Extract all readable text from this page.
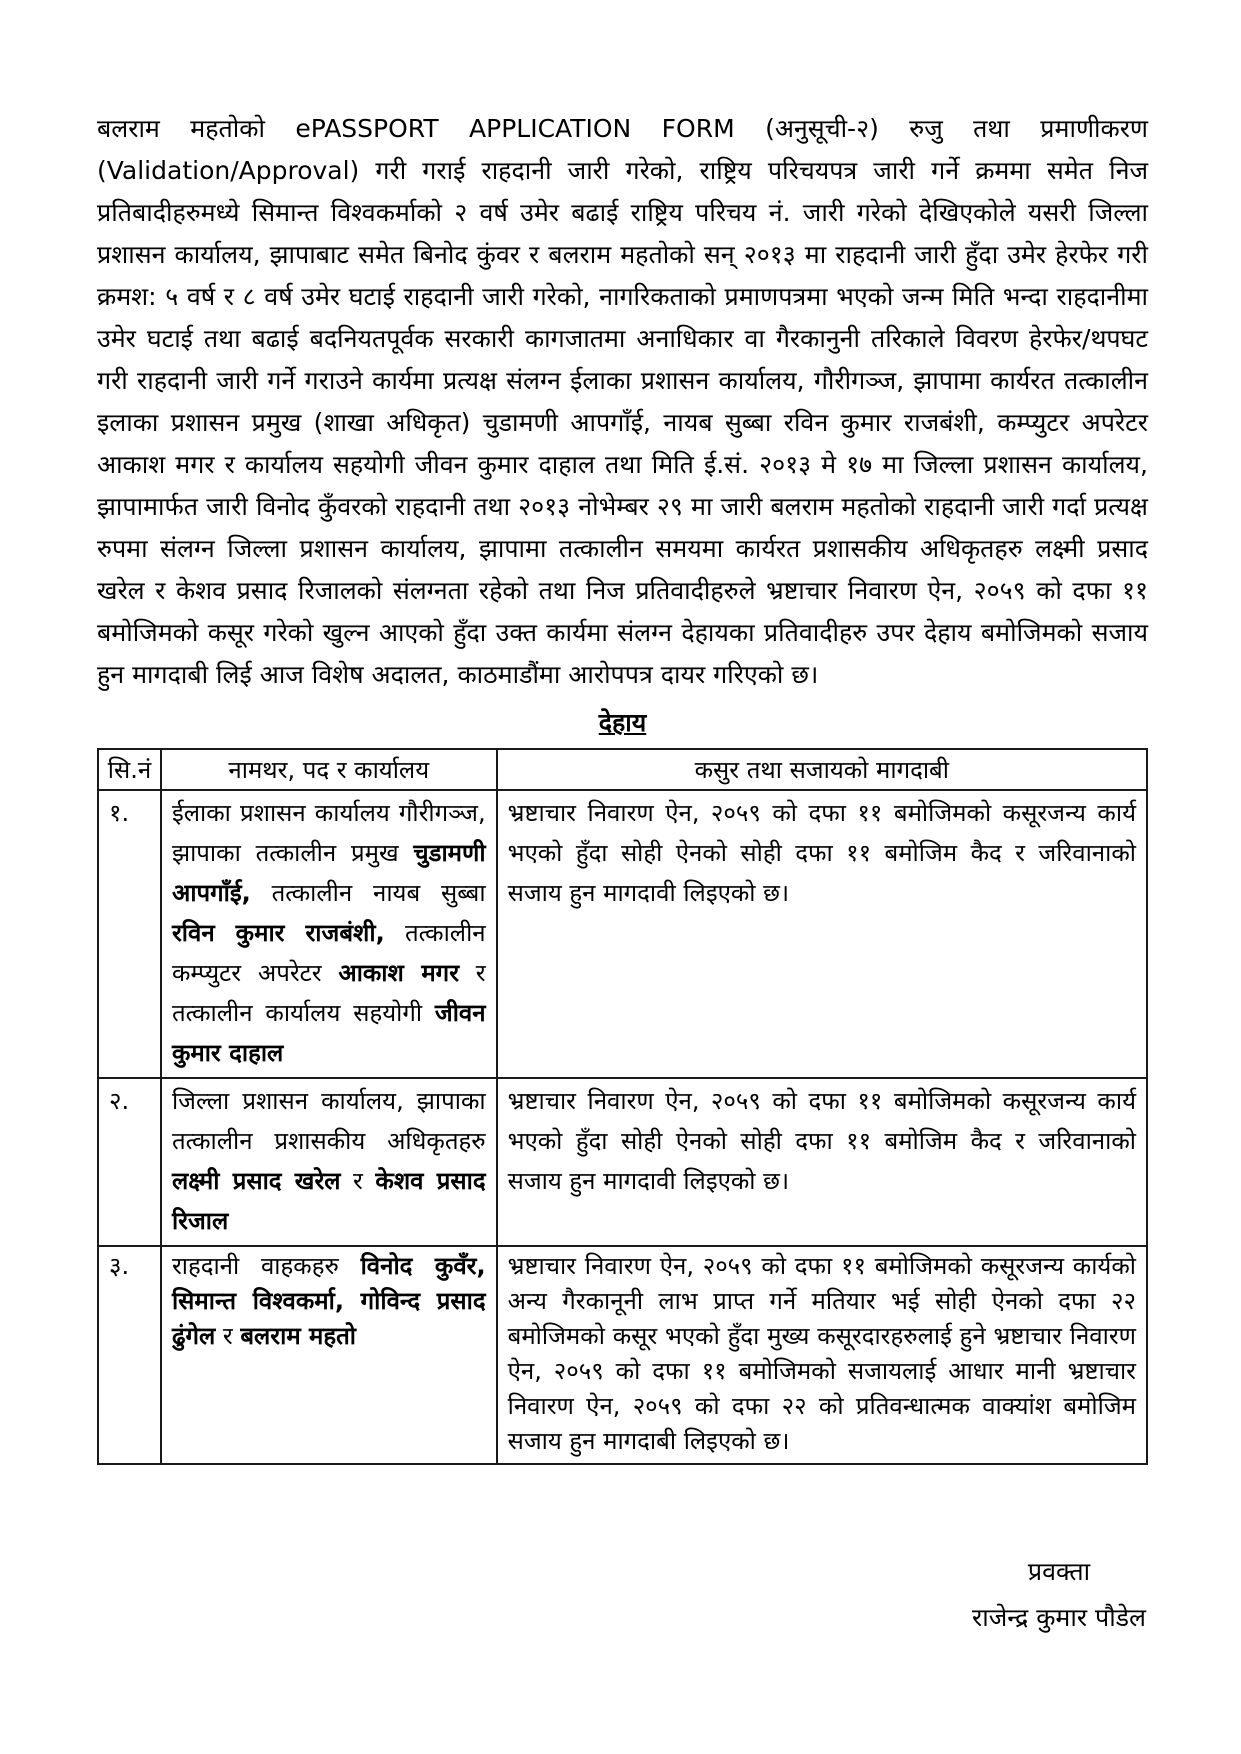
बलराम महतोको ePASSPORT APPLICATION FORM (अनुसूची-२) रुजु तथा प्रमाणीकरण (Validation/Approval) गरी गराई राहदानी जारी गरेको, राष्ट्रिय परिचयपत्र जारी गर्ने क्रममा समेत निज प्रतिबादीहरुमध्ये सिमान्त विश्वकर्माको २ वर्ष उमेर बढाई राष्ट्रिय परिचय नं. जारी गरेको देखिएकोले यसरी जिल्ला प्रशासन कार्यालय, झापाबाट समेत बिनोद कुंवर र बलराम महतोको सन् २०१३ मा राहदानी जारी हुँदा उमेर हेरफेर गरी क्रमश: ५ वर्ष र ८ वर्ष उमेर घटाई राहदानी जारी गरेको, नागरिकताको प्रमाणपत्रमा भएको जन्म मिति भन्दा राहदानीमा उमेर घटाई तथा बढाई बदनियतपूर्वक सरकारी कागजातमा अनाधिकार वा गैरकानुनी तरिकाले विवरण हेरफेर/थपघट गरी राहदानी जारी गर्ने गराउने कार्यमा प्रत्यक्ष संलग्न ईलाका प्रशासन कार्यालय, गौरीगञ्ज, झापामा कार्यरत तत्कालीन इलाका प्रशासन प्रमुख (शाखा अधिकृत) चुडामणी आपगाँई, नायब सुब्बा रविन कुमार राजबंशी, कम्प्युटर अपरेटर आकाश मगर र कार्यालय सहयोगी जीवन कुमार दाहाल तथा मिति ई.सं. २०१३ मे १७ मा जिल्ला प्रशासन कार्यालय, झापामार्फत जारी विनोद कुँवरको राहदानी तथा २०१३ नोभेम्बर २९ मा जारी बलराम महतोको राहदानी जारी गर्दा प्रत्यक्ष रुपमा संलग्न जिल्ला प्रशासन कार्यालय, झापामा तत्कालीन समयमा कार्यरत प्रशासकीय अधिकृतहरु लक्ष्मी प्रसाद खरेल र केशव प्रसाद रिजालको संलग्नता रहेको तथा निज प्रतिवादीहरुले भ्रष्टाचार निवारण ऐन, २०५९ को दफा ११ बमोजिमको कसूर गरेको खुल्न आएको हुँदा उक्त कार्यमा संलग्न देहायका प्रतिवादीहरु उपर देहाय बमोजिमको सजाय हुन मागदाबी लिई आज विशेष अदालत, काठमाडौंमा आरोपपत्र दायर गरिएको छ।

देहाय
सि.नं	नामथर, पद र कार्यालय	कसुर तथा सजायको मागदाबी
१.	ईलाका प्रशासन कार्यालय गौरीगञ्ज, झापाका तत्कालीन प्रमुख चुडामणी आपगाँई, तत्कालीन नायब सुब्बा रविन कुमार राजबंशी, तत्कालीन कम्प्युटर अपरेटर आकाश मगर र तत्कालीन कार्यालय सहयोगी जीवन कुमार दाहाल	भ्रष्टाचार निवारण ऐन, २०५९ को दफा ११ बमोजिमको कसूरजन्य कार्य भएको हुँदा सोही ऐनको सोही दफा ११ बमोजिम कैद र जरिवानाको सजाय हुन मागदावी लिइएको छ।
२.	जिल्ला प्रशासन कार्यालय, झापाका तत्कालीन प्रशासकीय अधिकृतहरु लक्ष्मी प्रसाद खरेल र केशव प्रसाद रिजाल	भ्रष्टाचार निवारण ऐन, २०५९ को दफा ११ बमोजिमको कसूरजन्य कार्य भएको हुँदा सोही ऐनको सोही दफा ११ बमोजिम कैद र जरिवानाको सजाय हुन मागदावी लिइएको छ।
३.	राहदानी वाहकहरु विनोद कुवँर, सिमान्त विश्वकर्मा, गोविन्द प्रसाद ढुंगेल र बलराम महतो	भ्रष्टाचार निवारण ऐन, २०५९ को दफा ११ बमोजिमको कसूरजन्य कार्यको अन्य गैरकानूनी लाभ प्राप्त गर्ने मतियार भई सोही ऐनको दफा २२ बमोजिमको कसूर भएको हुँदा मुख्य कसूरदारहरुलाई हुने भ्रष्टाचार निवारण ऐन, २०५९ को दफा ११ बमोजिमको सजायलाई आधार मानी भ्रष्टाचार निवारण ऐन, २०५९ को दफा २२ को प्रतिवन्धात्मक वाक्यांश बमोजिम सजाय हुन मागदाबी लिइएको छ।
प्रवक्ता
राजेन्द्र कुमार पौडेल
